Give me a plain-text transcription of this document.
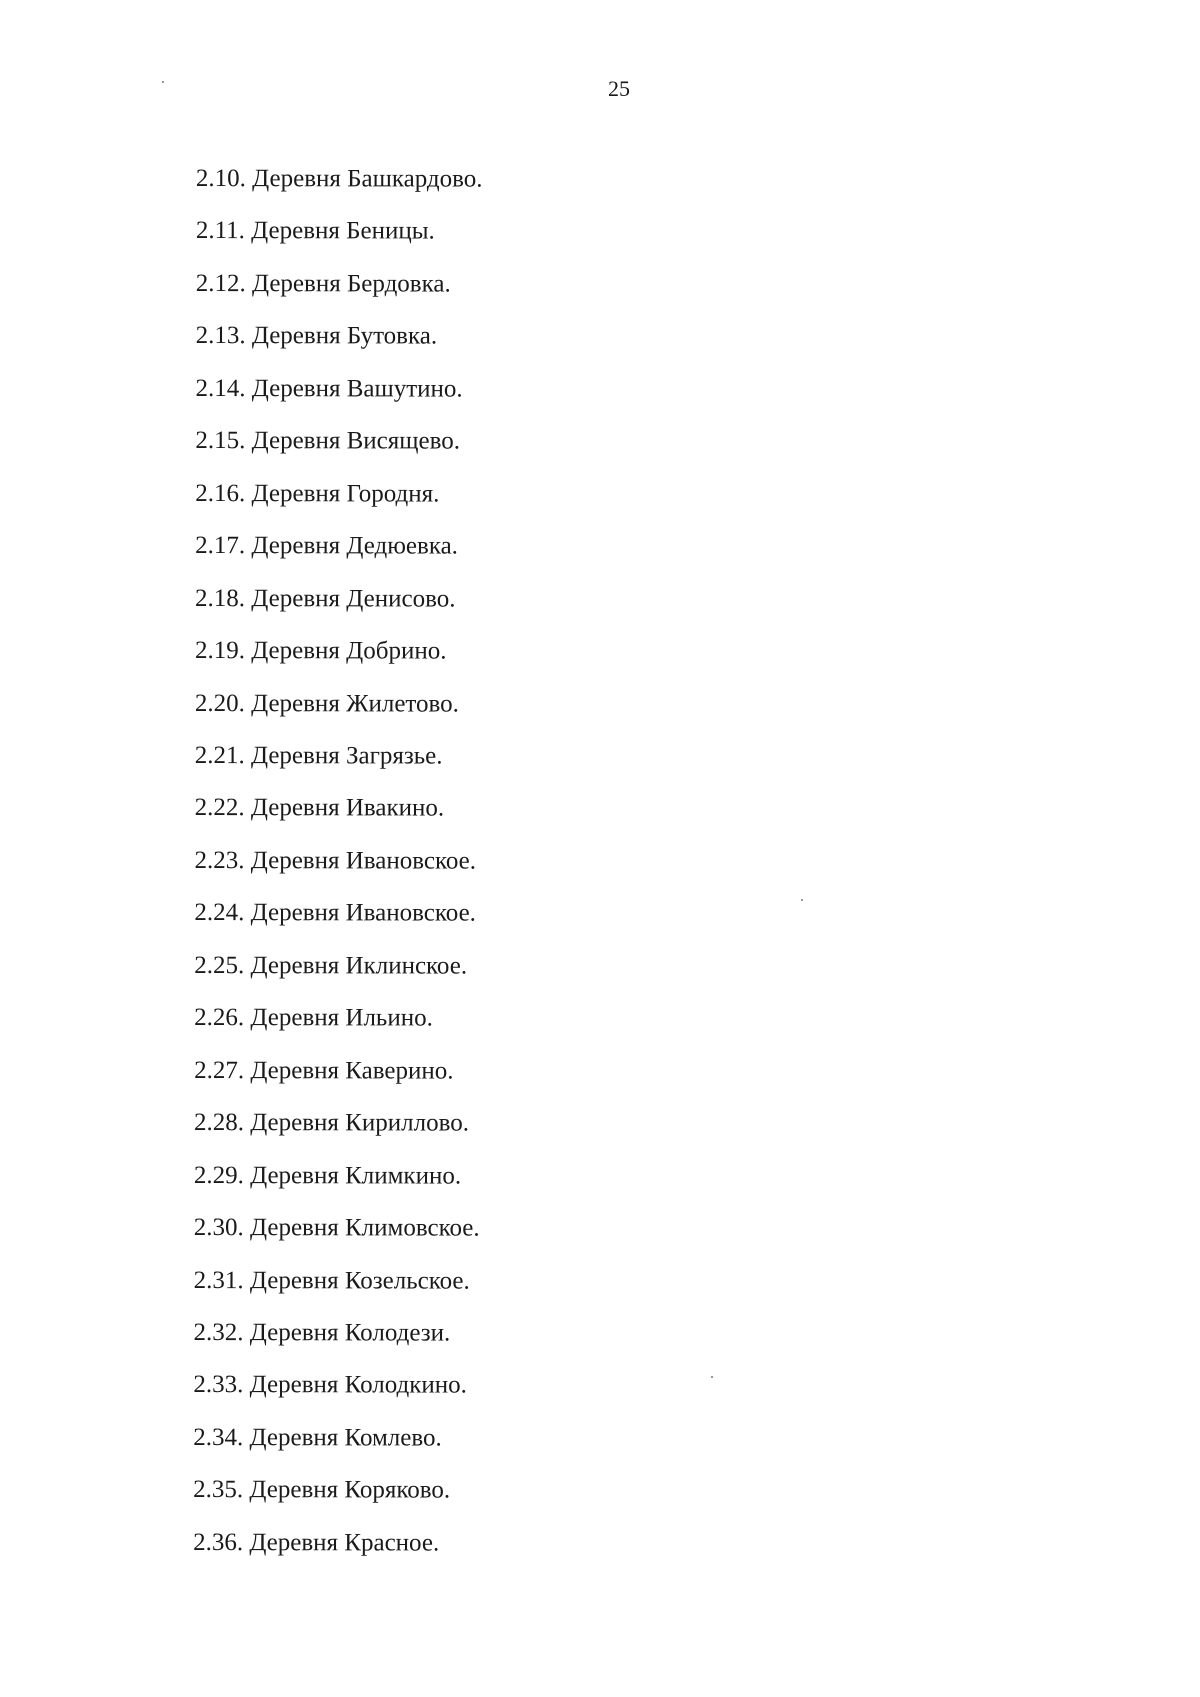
25
2.10. Деревня Башкардово.
2.11. Деревня Беницы.
2.12. Деревня Бердовка.
2.13. Деревня Бутовка.
2.14. Деревня Вашутино.
2.15. Деревня Висящево.
2.16. Деревня Городня.
2.17. Деревня Дедюевка.
2.18. Деревня Денисово.
2.19. Деревня Добрино.
2.20. Деревня Жилетово.
2.21. Деревня Загрязье.
2.22. Деревня Ивакино.
2.23. Деревня Ивановское.
2.24. Деревня Ивановское.
2.25. Деревня Иклинское.
2.26. Деревня Ильино.
2.27. Деревня Каверино.
2.28. Деревня Кириллово.
2.29. Деревня Климкино.
2.30. Деревня Климовское.
2.31. Деревня Козельское.
2.32. Деревня Колодези.
2.33. Деревня Колодкино.
2.34. Деревня Комлево.
2.35. Деревня Коряково.
2.36. Деревня Красное.
